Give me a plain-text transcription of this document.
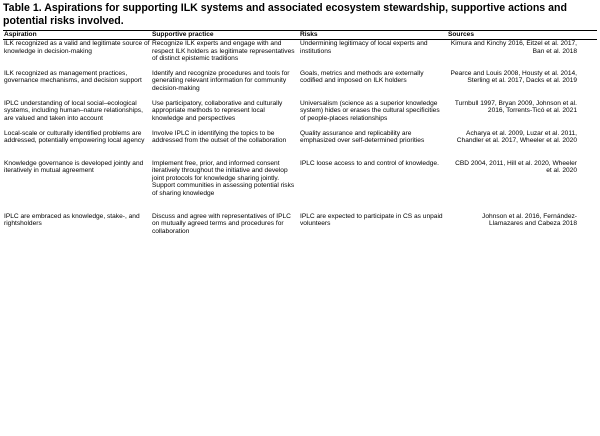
Table 1. Aspirations for supporting ILK systems and associated ecosystem stewardship, supportive actions and potential risks involved.
Aspiration	Supportive practice	Risks	Sources
ILK recognized as a valid and legitimate source of knowledge in decision-making	Recognize ILK experts and engage with and respect ILK holders as legitimate representatives of distinct epistemic traditions	Undermining legitimacy of local experts and institutions	Kimura and Kinchy 2016, Eitzel et al. 2017, Ban et al. 2018
ILK recognized as management practices, governance mechanisms, and decision support	Identify and recognize procedures and tools for generating relevant information for community decision-making	Goals, metrics and methods are externally codified and imposed on ILK holders	Pearce and Louis 2008, Housty et al. 2014, Sterling et al. 2017, Dacks et al. 2019
IPLC understanding of local social–ecological systems, including human–nature relationships, are valued and taken into account	Use participatory, collaborative and culturally appropriate methods to represent local knowledge and perspectives	Universalism (science as a superior knowledge system) hides or erases the cultural specificities of people-places relationships	Turnbull 1997, Bryan 2009, Johnson et al. 2016, Torrents-Ticó et al. 2021
Local-scale or culturally identified problems are addressed, potentially empowering local agency	Involve IPLC in identifying the topics to be addressed from the outset of the collaboration	Quality assurance and replicability are emphasized over self-determined priorities	Acharya et al. 2009, Luzar et al. 2011, Chandler et al. 2017, Wheeler et al. 2020
Knowledge governance is developed jointly and iteratively in mutual agreement	Implement free, prior, and informed consent iteratively throughout the initiative and develop joint protocols for knowledge sharing jointly. Support communities in assessing potential risks of sharing knowledge	IPLC loose access to and control of knowledge.	CBD 2004, 2011, Hill et al. 2020, Wheeler et al. 2020
IPLC are embraced as knowledge, stake-, and rightsholders	Discuss and agree with representatives of IPLC on mutually agreed terms and procedures for collaboration	IPLC are expected to participate in CS as unpaid volunteers	Johnson et al. 2016, Fernández-Llamazares and Cabeza 2018
